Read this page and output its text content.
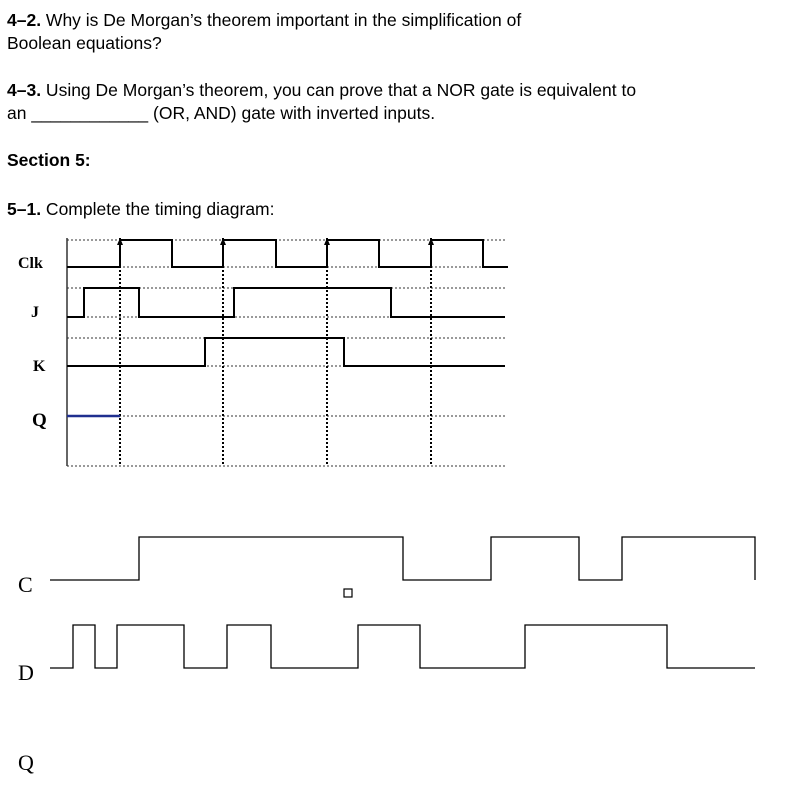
4–2. Why is De Morgan’s theorem important in the simplification of
Boolean equations?

4–3. Using De Morgan’s theorem, you can prove that a NOR gate is equivalent to
an ____________ (OR, AND) gate with inverted inputs.

Section 5:

5–1. Complete the timing diagram:

Clk
J
K
Q
C
D
Q
